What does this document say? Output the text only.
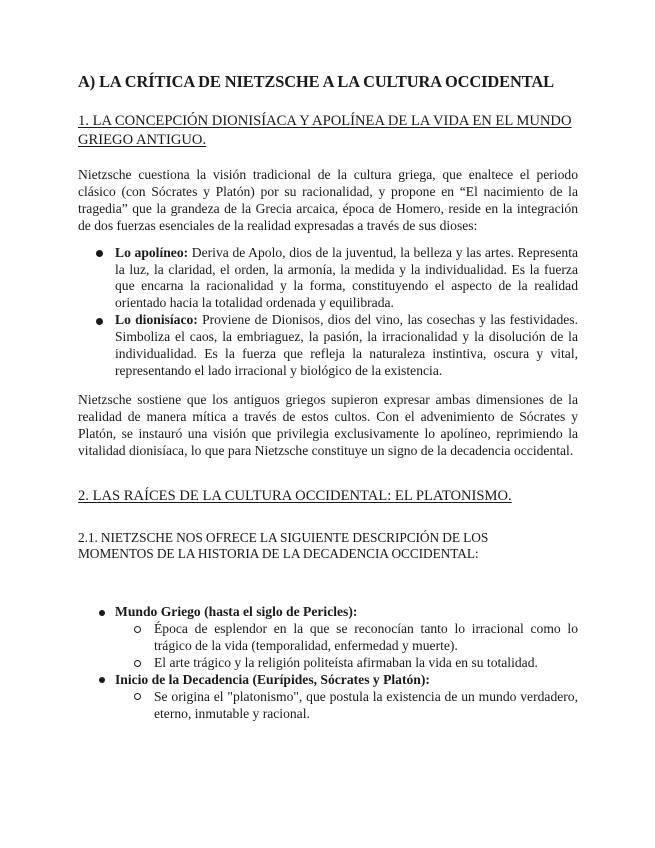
A) LA CRÍTICA DE NIETZSCHE A LA CULTURA OCCIDENTAL

1. LA CONCEPCIÓN DIONISÍACA Y APOLÍNEA DE LA VIDA EN EL MUNDO GRIEGO ANTIGUO.

Nietzsche cuestiona la visión tradicional de la cultura griega, que enaltece el periodo clásico (con Sócrates y Platón) por su racionalidad, y propone en “El nacimiento de la tragedia” que la grandeza de la Grecia arcaica, época de Homero, reside en la integración de dos fuerzas esenciales de la realidad expresadas a través de sus dioses:

Lo apolíneo: Deriva de Apolo, dios de la juventud, la belleza y las artes. Representa la luz, la claridad, el orden, la armonía, la medida y la individualidad. Es la fuerza que encarna la racionalidad y la forma, constituyendo el aspecto de la realidad orientado hacia la totalidad ordenada y equilibrada.
Lo dionisíaco: Proviene de Dionisos, dios del vino, las cosechas y las festividades. Simboliza el caos, la embriaguez, la pasión, la irracionalidad y la disolución de la individualidad. Es la fuerza que refleja la naturaleza instintiva, oscura y vital, representando el lado irracional y biológico de la existencia.

Nietzsche sostiene que los antiguos griegos supieron expresar ambas dimensiones de la realidad de manera mítica a través de estos cultos. Con el advenimiento de Sócrates y Platón, se instauró una visión que privilegia exclusivamente lo apolíneo, reprimiendo la vitalidad dionisíaca, lo que para Nietzsche constituye un signo de la decadencia occidental.

2. LAS RAÍCES DE LA CULTURA OCCIDENTAL: EL PLATONISMO.

2.1. NIETZSCHE NOS OFRECE LA SIGUIENTE DESCRIPCIÓN DE LOS
MOMENTOS DE LA HISTORIA DE LA DECADENCIA OCCIDENTAL:

Mundo Griego (hasta el siglo de Pericles):
Época de esplendor en la que se reconocían tanto lo irracional como lo trágico de la vida (temporalidad, enfermedad y muerte).
El arte trágico y la religión politeísta afirmaban la vida en su totalidad.
Inicio de la Decadencia (Eurípides, Sócrates y Platón):
Se origina el "platonismo", que postula la existencia de un mundo verdadero, eterno, inmutable y racional.
